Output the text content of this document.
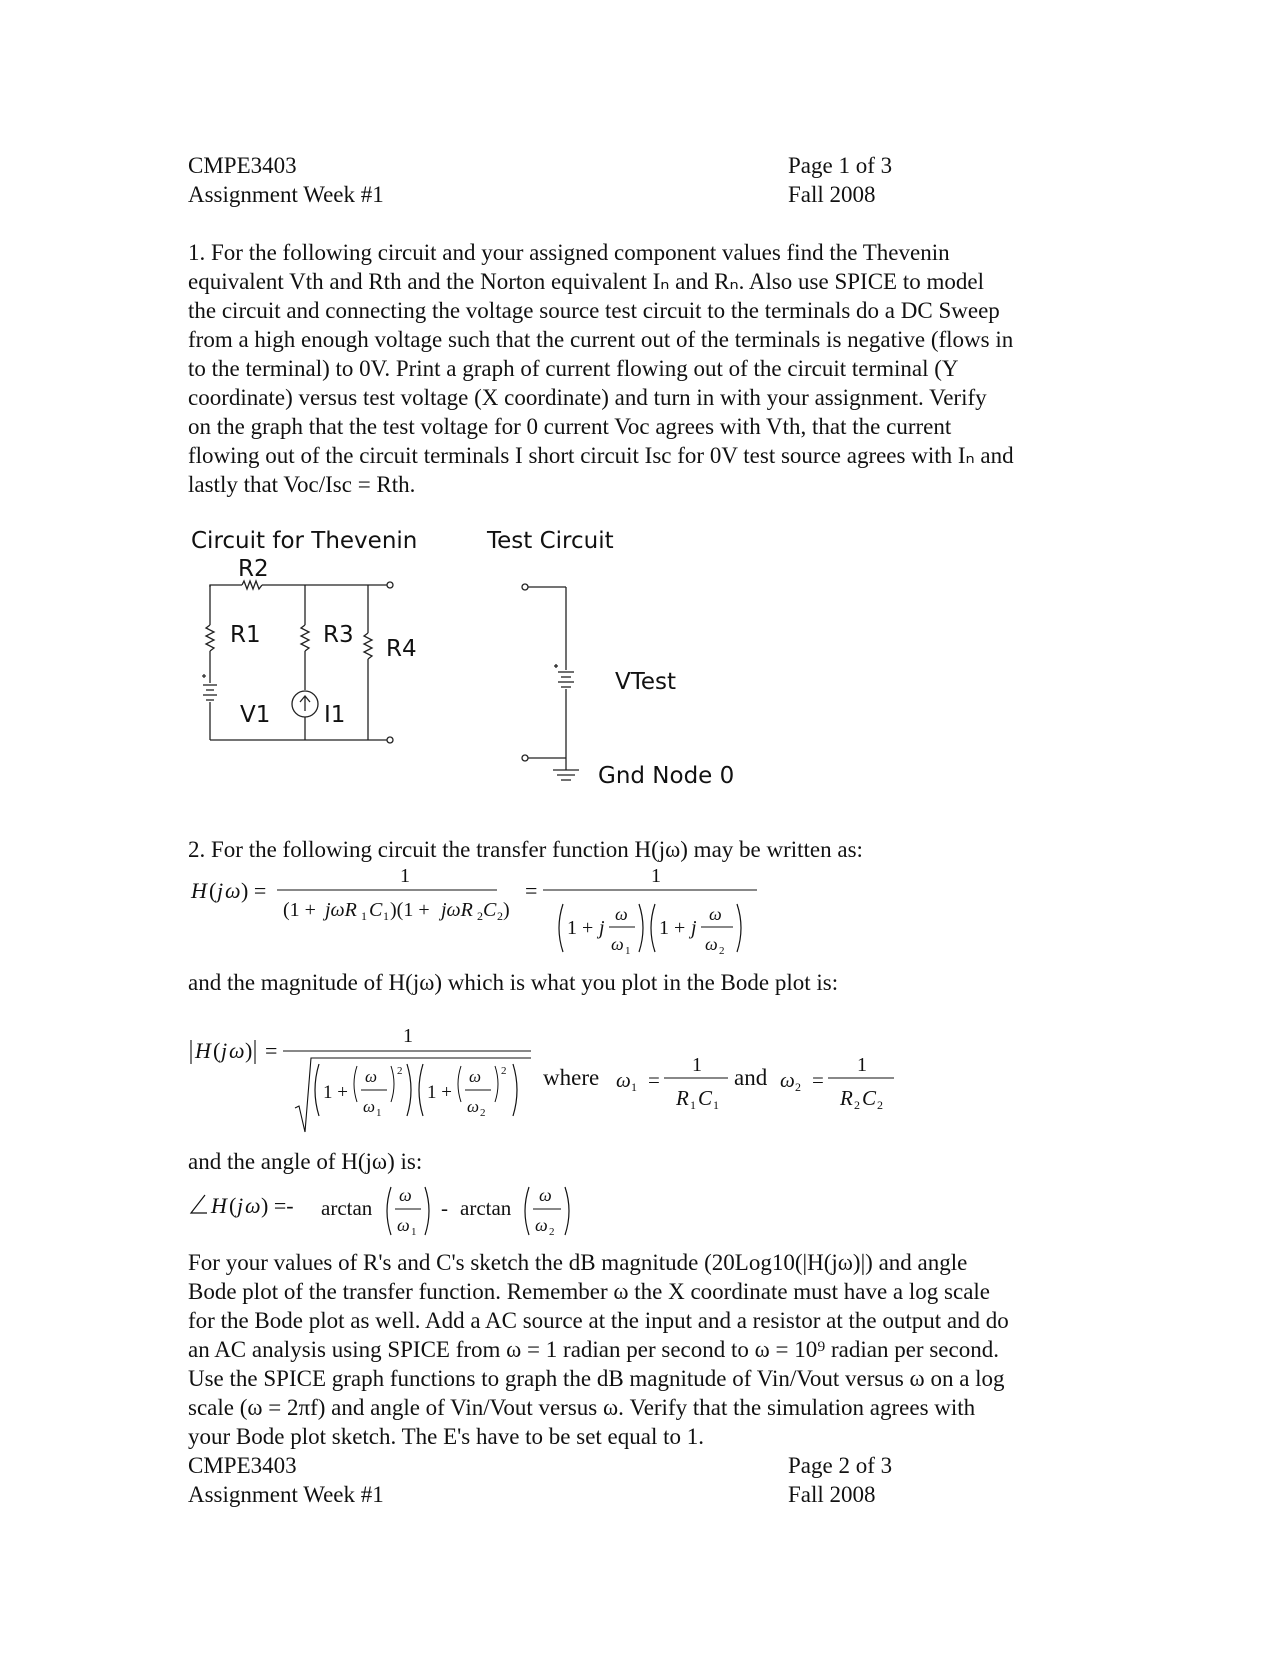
CMPE3403
Assignment Week #1
Page 1 of 3
Fall 2008
1. For the following circuit and your assigned component values find the Thevenin
equivalent Vth and Rth and the Norton equivalent Iₙ and Rₙ. Also use SPICE to model
the circuit and connecting the voltage source test circuit to the terminals do a DC Sweep
from a high enough voltage such that the current out of the terminals is negative (flows in
to the terminal) to 0V. Print a graph of current flowing out of the circuit terminal (Y
coordinate) versus test voltage (X coordinate) and turn in with your assignment. Verify
on the graph that the test voltage for 0 current Voc agrees with Vth, that the current
flowing out of the circuit terminals I short circuit Isc for 0V test source agrees with Iₙ and
lastly that Voc/Isc = Rth.
Circuit for Thevenin
R2
R1	R3
R4
V1 I1
Test Circuit
VTest
Gnd Node 0
2. For the following circuit the transfer function H(jω) may be written as:
H ( j ω ) =
1
(1 + jωR 1 C 1 )(1 + jωR 2 C 2 )
=
1
1 + j
ω
ω 1
1 + j
ω
ω 2
and the magnitude of H(jω) which is what you plot in the Bode plot is:
H ( j ω ) =
1
1 +
ω
ω 1
2
1 +
ω
ω 2
2 where ω 1 =
1
R 1 C 1
ω 2 =
1
R 2 C 2
and
and the angle of H(jω) is:
H ( j ω ) =- arctan
ω
ω 1
- arctan
ω
ω 2
For your values of R's and C's sketch the dB magnitude (20Log10(|H(jω)|) and angle
Bode plot of the transfer function. Remember ω the X coordinate must have a log scale
for the Bode plot as well. Add a AC source at the input and a resistor at the output and do
an AC analysis using SPICE from ω = 1 radian per second to ω = 10⁹ radian per second.
Use the SPICE graph functions to graph the dB magnitude of Vin/Vout versus ω on a log
scale (ω = 2πf) and angle of Vin/Vout versus ω. Verify that the simulation agrees with
your Bode plot sketch. The E's have to be set equal to 1.
CMPE3403
Assignment Week #1
Page 2 of 3
Fall 2008
